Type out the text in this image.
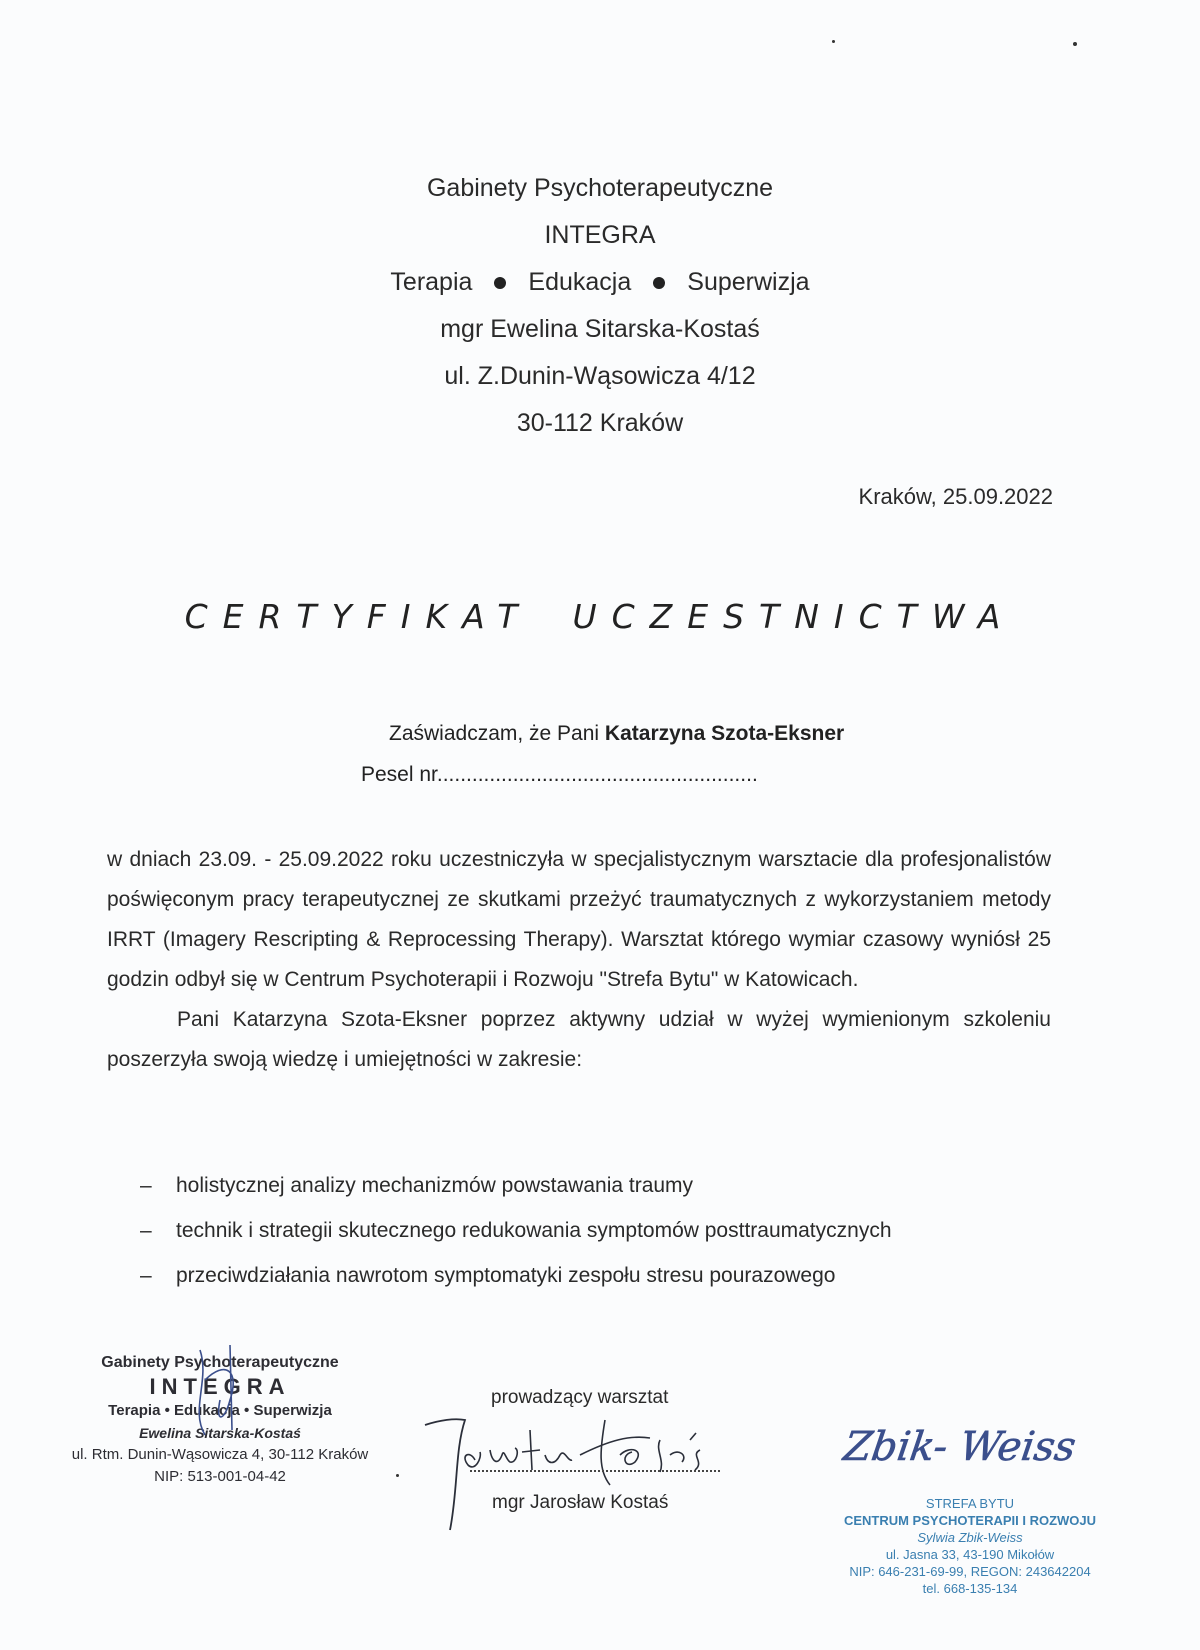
Gabinety Psychoterapeutyczne
INTEGRA
Terapia Edukacja Superwizja
mgr Ewelina Sitarska-Kostaś
ul. Z.Dunin-Wąsowicza 4/12
30-112 Kraków
Kraków, 25.09.2022
CERTYFIKAT UCZESTNICTWA
Zaświadczam, że Pani Katarzyna Szota-Eksner
Pesel nr.......................................................

w dniach 23.09. - 25.09.2022 roku uczestniczyła w specjalistycznym warsztacie dla profesjonalistów poświęconym pracy terapeutycznej ze skutkami przeżyć traumatycznych z wykorzystaniem metody IRRT (Imagery Rescripting & Reprocessing Therapy). Warsztat którego wymiar czasowy wyniósł 25 godzin odbył się w Centrum Psychoterapii i Rozwoju "Strefa Bytu" w Katowicach.

Pani Katarzyna Szota-Eksner poprzez aktywny udział w wyżej wymienionym szkoleniu poszerzyła swoją wiedzę i umiejętności w zakresie:

– holistycznej analizy mechanizmów powstawania traumy
– technik i strategii skutecznego redukowania symptomów posttraumatycznych
– przeciwdziałania nawrotom symptomatyki zespołu stresu pourazowego
Gabinety Psychoterapeutyczne
INTEGRA
Terapia • Edukacja • Superwizja
Ewelina Sitarska-Kostaś
ul. Rtm. Dunin-Wąsowicza 4, 30-112 Kraków
NIP: 513-001-04-42
prowadzący warsztat
mgr Jarosław Kostaś
Zbik- Weiss
STREFA BYTU
CENTRUM PSYCHOTERAPII I ROZWOJU
Sylwia Zbik-Weiss
ul. Jasna 33, 43-190 Mikołów
NIP: 646-231-69-99, REGON: 243642204
tel. 668-135-134
